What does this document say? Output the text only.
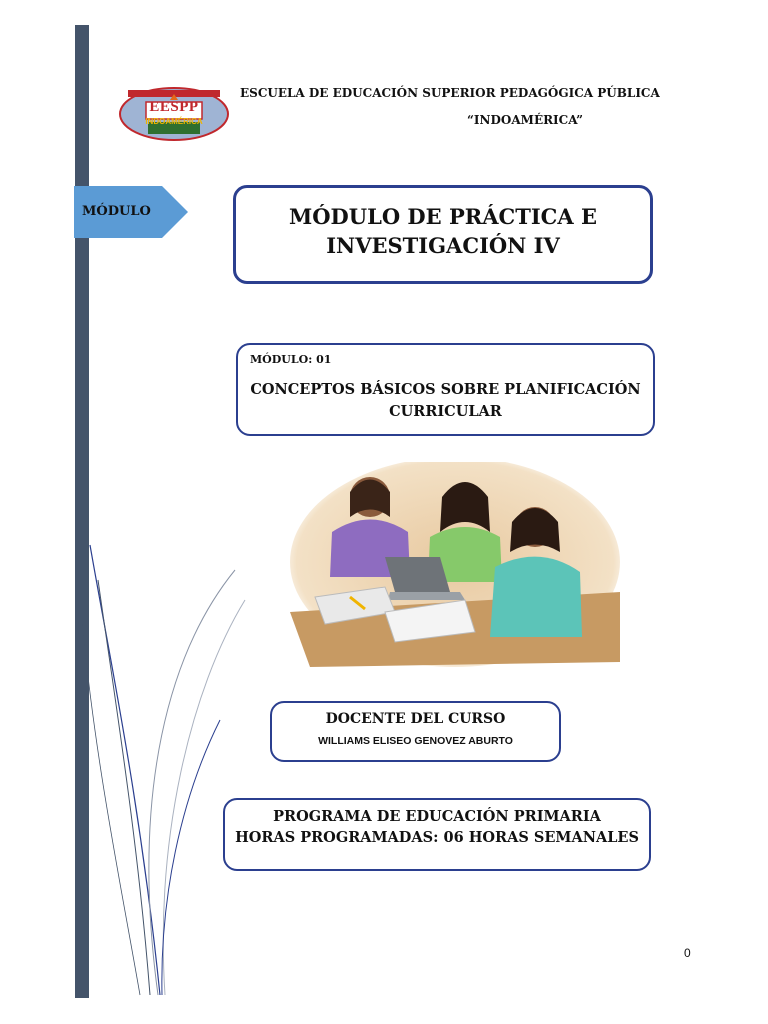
EESPP
INDOAMÉRICA
ESCUELA DE EDUCACIÓN SUPERIOR PEDAGÓGICA PÚBLICA
“INDOAMÉRICA”
MÓDULO	MÓDULO DE PRÁCTICA E
INVESTIGACIÓN IV
MÓDULO: 01
CONCEPTOS BÁSICOS SOBRE PLANIFICACIÓN
CURRICULAR
DOCENTE DEL CURSO
WILLIAMS ELISEO GENOVEZ ABURTO
PROGRAMA DE EDUCACIÓN PRIMARIA
HORAS PROGRAMADAS: 06 HORAS SEMANALES
0
